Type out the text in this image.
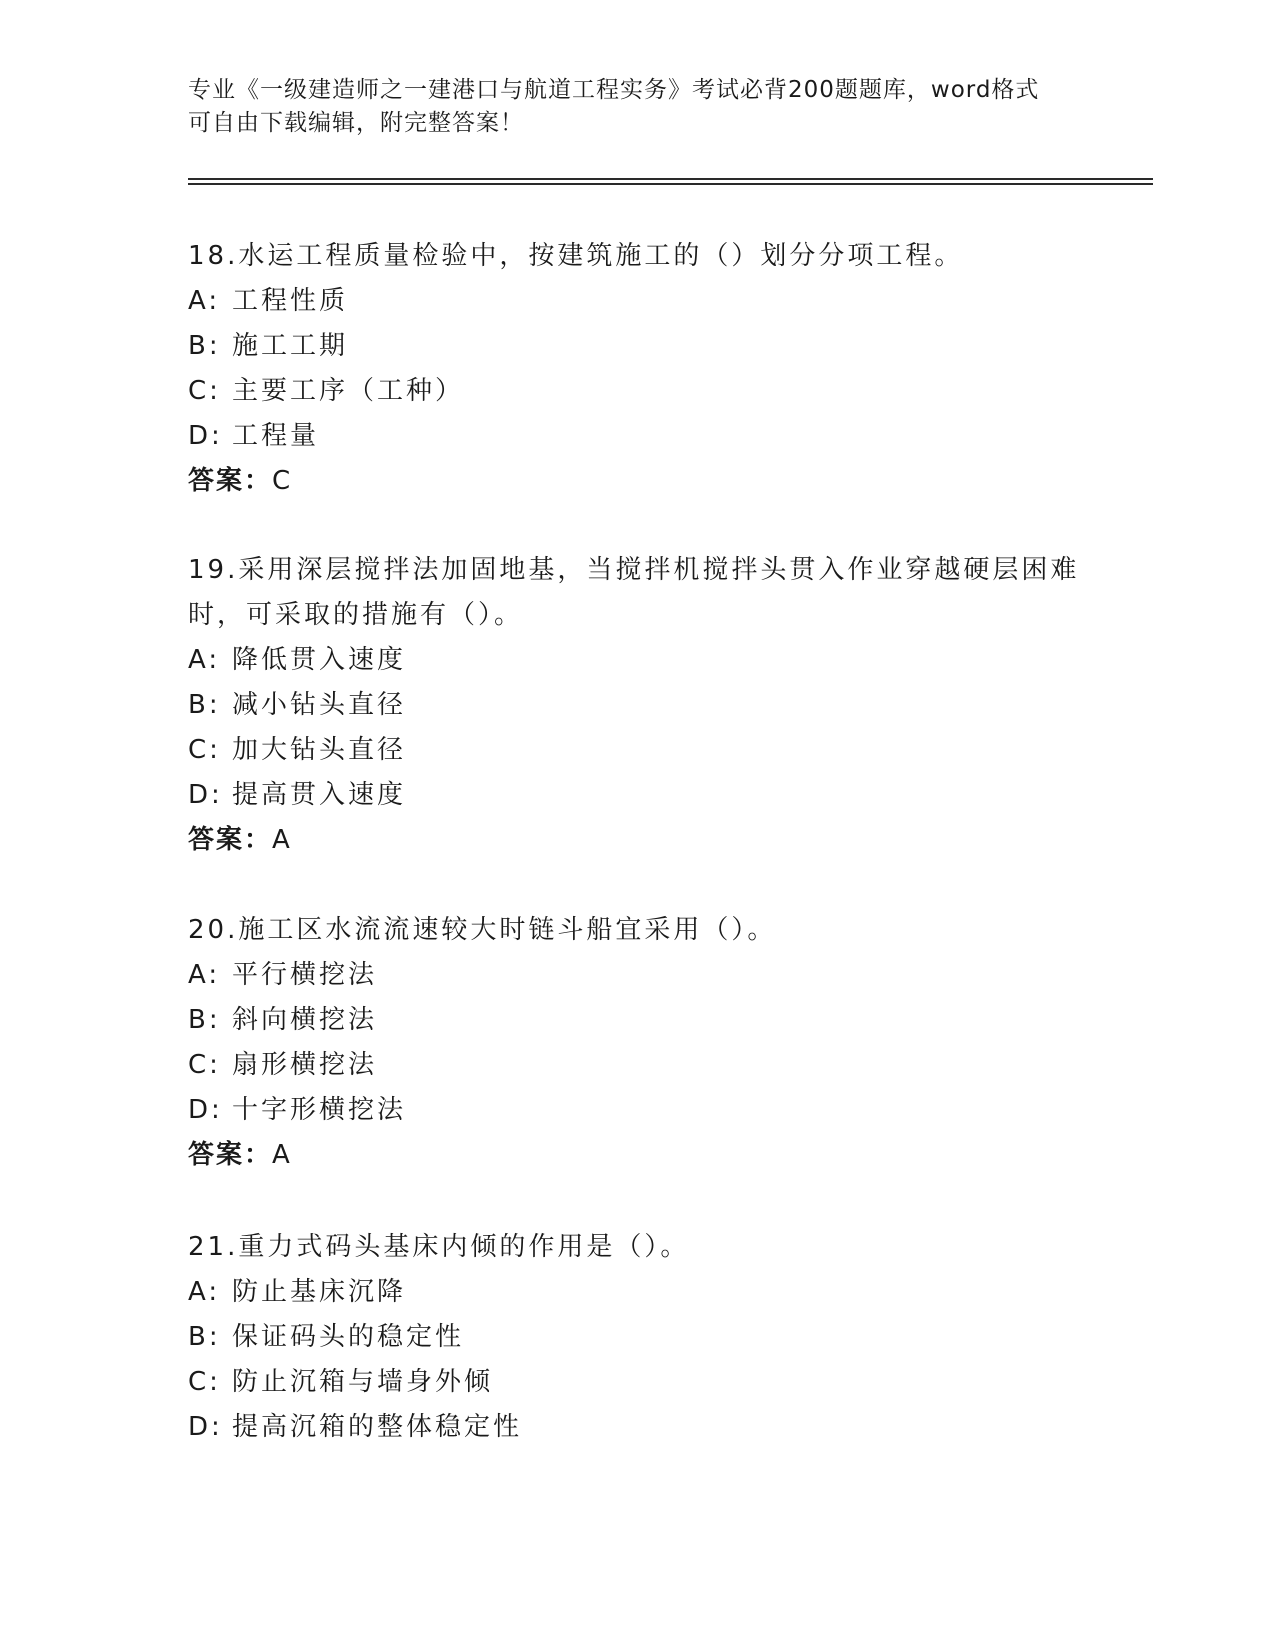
专业《一级建造师之一建港口与航道工程实务》考试必背200题题库，word格式
可自由下载编辑，附完整答案！
18.水运工程质量检验中，按建筑施工的（）划分分项工程。
A: 工程性质
B: 施工工期
C: 主要工序（工种）
D: 工程量
答案：C
19.采用深层搅拌法加固地基，当搅拌机搅拌头贯入作业穿越硬层困难
时，可采取的措施有（）。
A: 降低贯入速度
B: 减小钻头直径
C: 加大钻头直径
D: 提高贯入速度
答案：A
20.施工区水流流速较大时链斗船宜采用（）。
A: 平行横挖法
B: 斜向横挖法
C: 扇形横挖法
D: 十字形横挖法
答案：A
21.重力式码头基床内倾的作用是（）。
A: 防止基床沉降
B: 保证码头的稳定性
C: 防止沉箱与墙身外倾
D: 提高沉箱的整体稳定性
